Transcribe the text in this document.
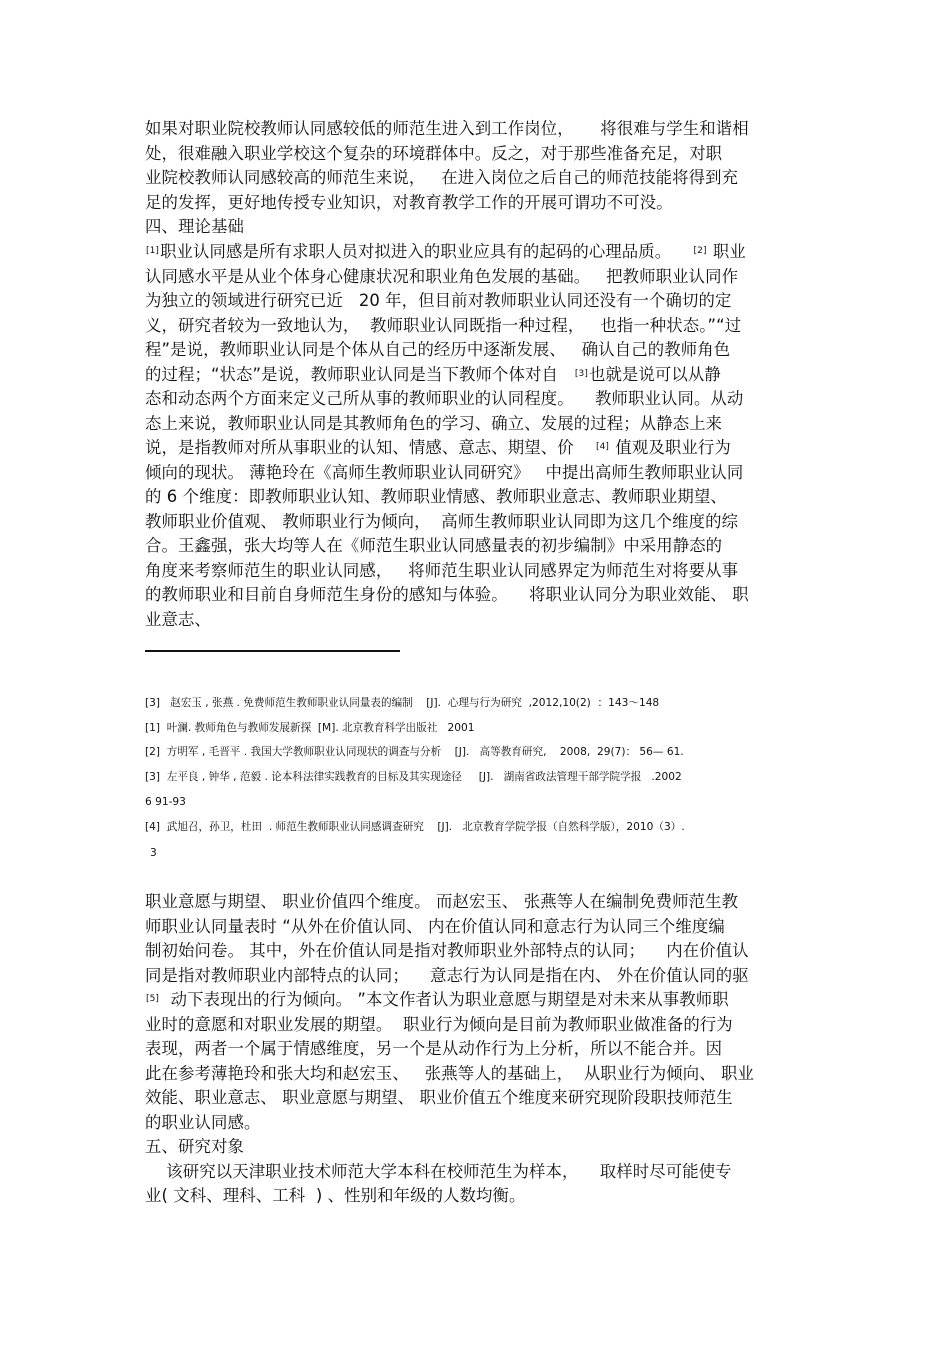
如果对职业院校教师认同感较低的师范生进入到工作岗位，     将很难与学生和谐相
处，很难融入职业学校这个复杂的环境群体中。反之，对于那些准备充足，对职
业院校教师认同感较高的师范生来说，   在进入岗位之后自己的师范技能将得到充
足的发挥，更好地传授专业知识，对教育教学工作的开展可谓功不可没。
四、理论基础
[1]职业认同感是所有求职人员对拟进入的职业应具有的起码的心理品质。    [2] 职业
认同感水平是从业个体身心健康状况和职业角色发展的基础。   把教师职业认同作
为独立的领域进行研究已近   20 年，但目前对教师职业认同还没有一个确切的定
义，研究者较为一致地认为，  教师职业认同既指一种过程，   也指一种状态。”“过
程”是说，教师职业认同是个体从自己的经历中逐渐发展、   确认自己的教师角色
的过程；“状态”是说，教师职业认同是当下教师个体对自   [3]也就是说可以从静
态和动态两个方面来定义己所从事的教师职业的认同程度。    教师职业认同。从动
态上来说，教师职业认同是其教师角色的学习、确立、发展的过程；从静态上来
说，是指教师对所从事职业的认知、情感、意志、期望、价    [4] 值观及职业行为
倾向的现状。 薄艳玲在《高师生教师职业认同研究》   中提出高师生教师职业认同
的 6 个维度：即教师职业认知、教师职业情感、教师职业意志、教师职业期望、
教师职业价值观、 教师职业行为倾向，  高师生教师职业认同即为这几个维度的综
合。王鑫强，张大均等人在《师范生职业认同感量表的初步编制》中采用静态的
角度来考察师范生的职业认同感，   将师范生职业认同感界定为师范生对将要从事
的教师职业和目前自身师范生身份的感知与体验。    将职业认同分为职业效能、 职
业意志、
[3]   赵宏玉 , 张燕 . 免费师范生教师职业认同量表的编制    [J].  心理与行为研究  ,2012,10(2)  ：143～148
[1]  叶澜. 教师角色与教师发展新探  [M]. 北京教育科学出版社   2001
[2]  方明军 , 毛晋平 . 我国大学教师职业认同现状的调查与分析    [J].   高等教育研究,    2008,  29(7)： 56— 61.
[3]  左平良 , 钟华 , 范毅 . 论本科法律实践教育的目标及其实现途径     [J].   湖南省政法管理干部学院学报   .2002
6 91-93
[4]  武旭召，孙卫，杜田  . 师范生教师职业认同感调查研究    [J].   北京教育学院学报（自然科学版），2010（3）.
3
职业意愿与期望、 职业价值四个维度。 而赵宏玉、 张燕等人在编制免费师范生教
师职业认同量表时 “从外在价值认同、 内在价值认同和意志行为认同三个维度编
制初始问卷。 其中，外在价值认同是指对教师职业外部特点的认同；    内在价值认
同是指对教师职业内部特点的认同；    意志行为认同是指在内、 外在价值认同的驱
[5]  动下表现出的行为倾向。 ”本文作者认为职业意愿与期望是对未来从事教师职
业时的意愿和对职业发展的期望。  职业行为倾向是目前为教师职业做准备的行为
表现，两者一个属于情感维度，另一个是从动作行为上分析，所以不能合并。因
此在参考薄艳玲和张大均和赵宏玉、   张燕等人的基础上，  从职业行为倾向、 职业
效能、职业意志、 职业意愿与期望、 职业价值五个维度来研究现阶段职技师范生
的职业认同感。
五、研究对象
该研究以天津职业技术师范大学本科在校师范生为样本，    取样时尽可能使专
业( 文科、理科、工科  ) 、性别和年级的人数均衡。
